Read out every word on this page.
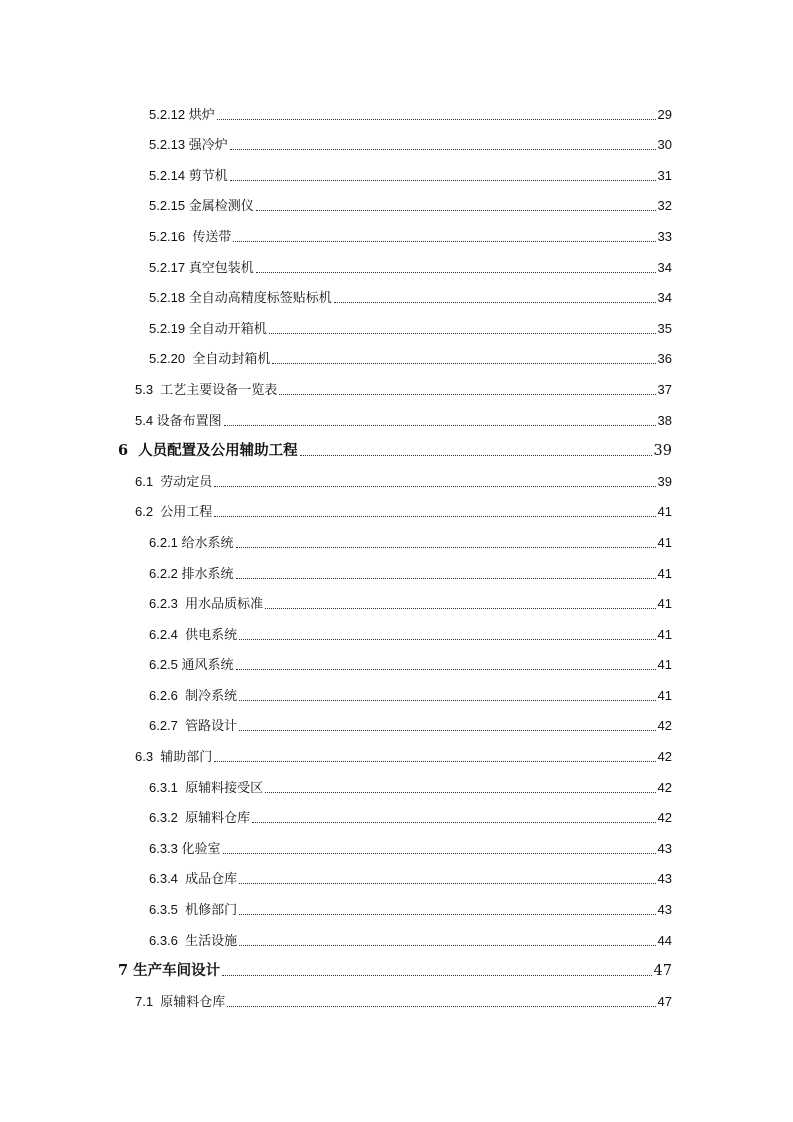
5.2.12 烘炉	29
5.2.13 强冷炉	30
5.2.14 剪节机	31
5.2.15 金属检测仪	32
5.2.16  传送带	33
5.2.17 真空包装机	34
5.2.18 全自动高精度标签贴标机	34
5.2.19 全自动开箱机	35
5.2.20  全自动封箱机	36
5.3  工艺主要设备一览表	37
5.4 设备布置图	38
6  人员配置及公用辅助工程	39
6.1  劳动定员	39
6.2  公用工程	41
6.2.1 给水系统	41
6.2.2 排水系统	41
6.2.3  用水品质标准	41
6.2.4  供电系统	41
6.2.5 通风系统	41
6.2.6  制冷系统	41
6.2.7  管路设计	42
6.3  辅助部门	42
6.3.1  原辅料接受区	42
6.3.2  原辅料仓库	42
6.3.3 化验室	43
6.3.4  成品仓库	43
6.3.5  机修部门	43
6.3.6  生活设施	44
7 生产车间设计	47
7.1  原辅料仓库	47
